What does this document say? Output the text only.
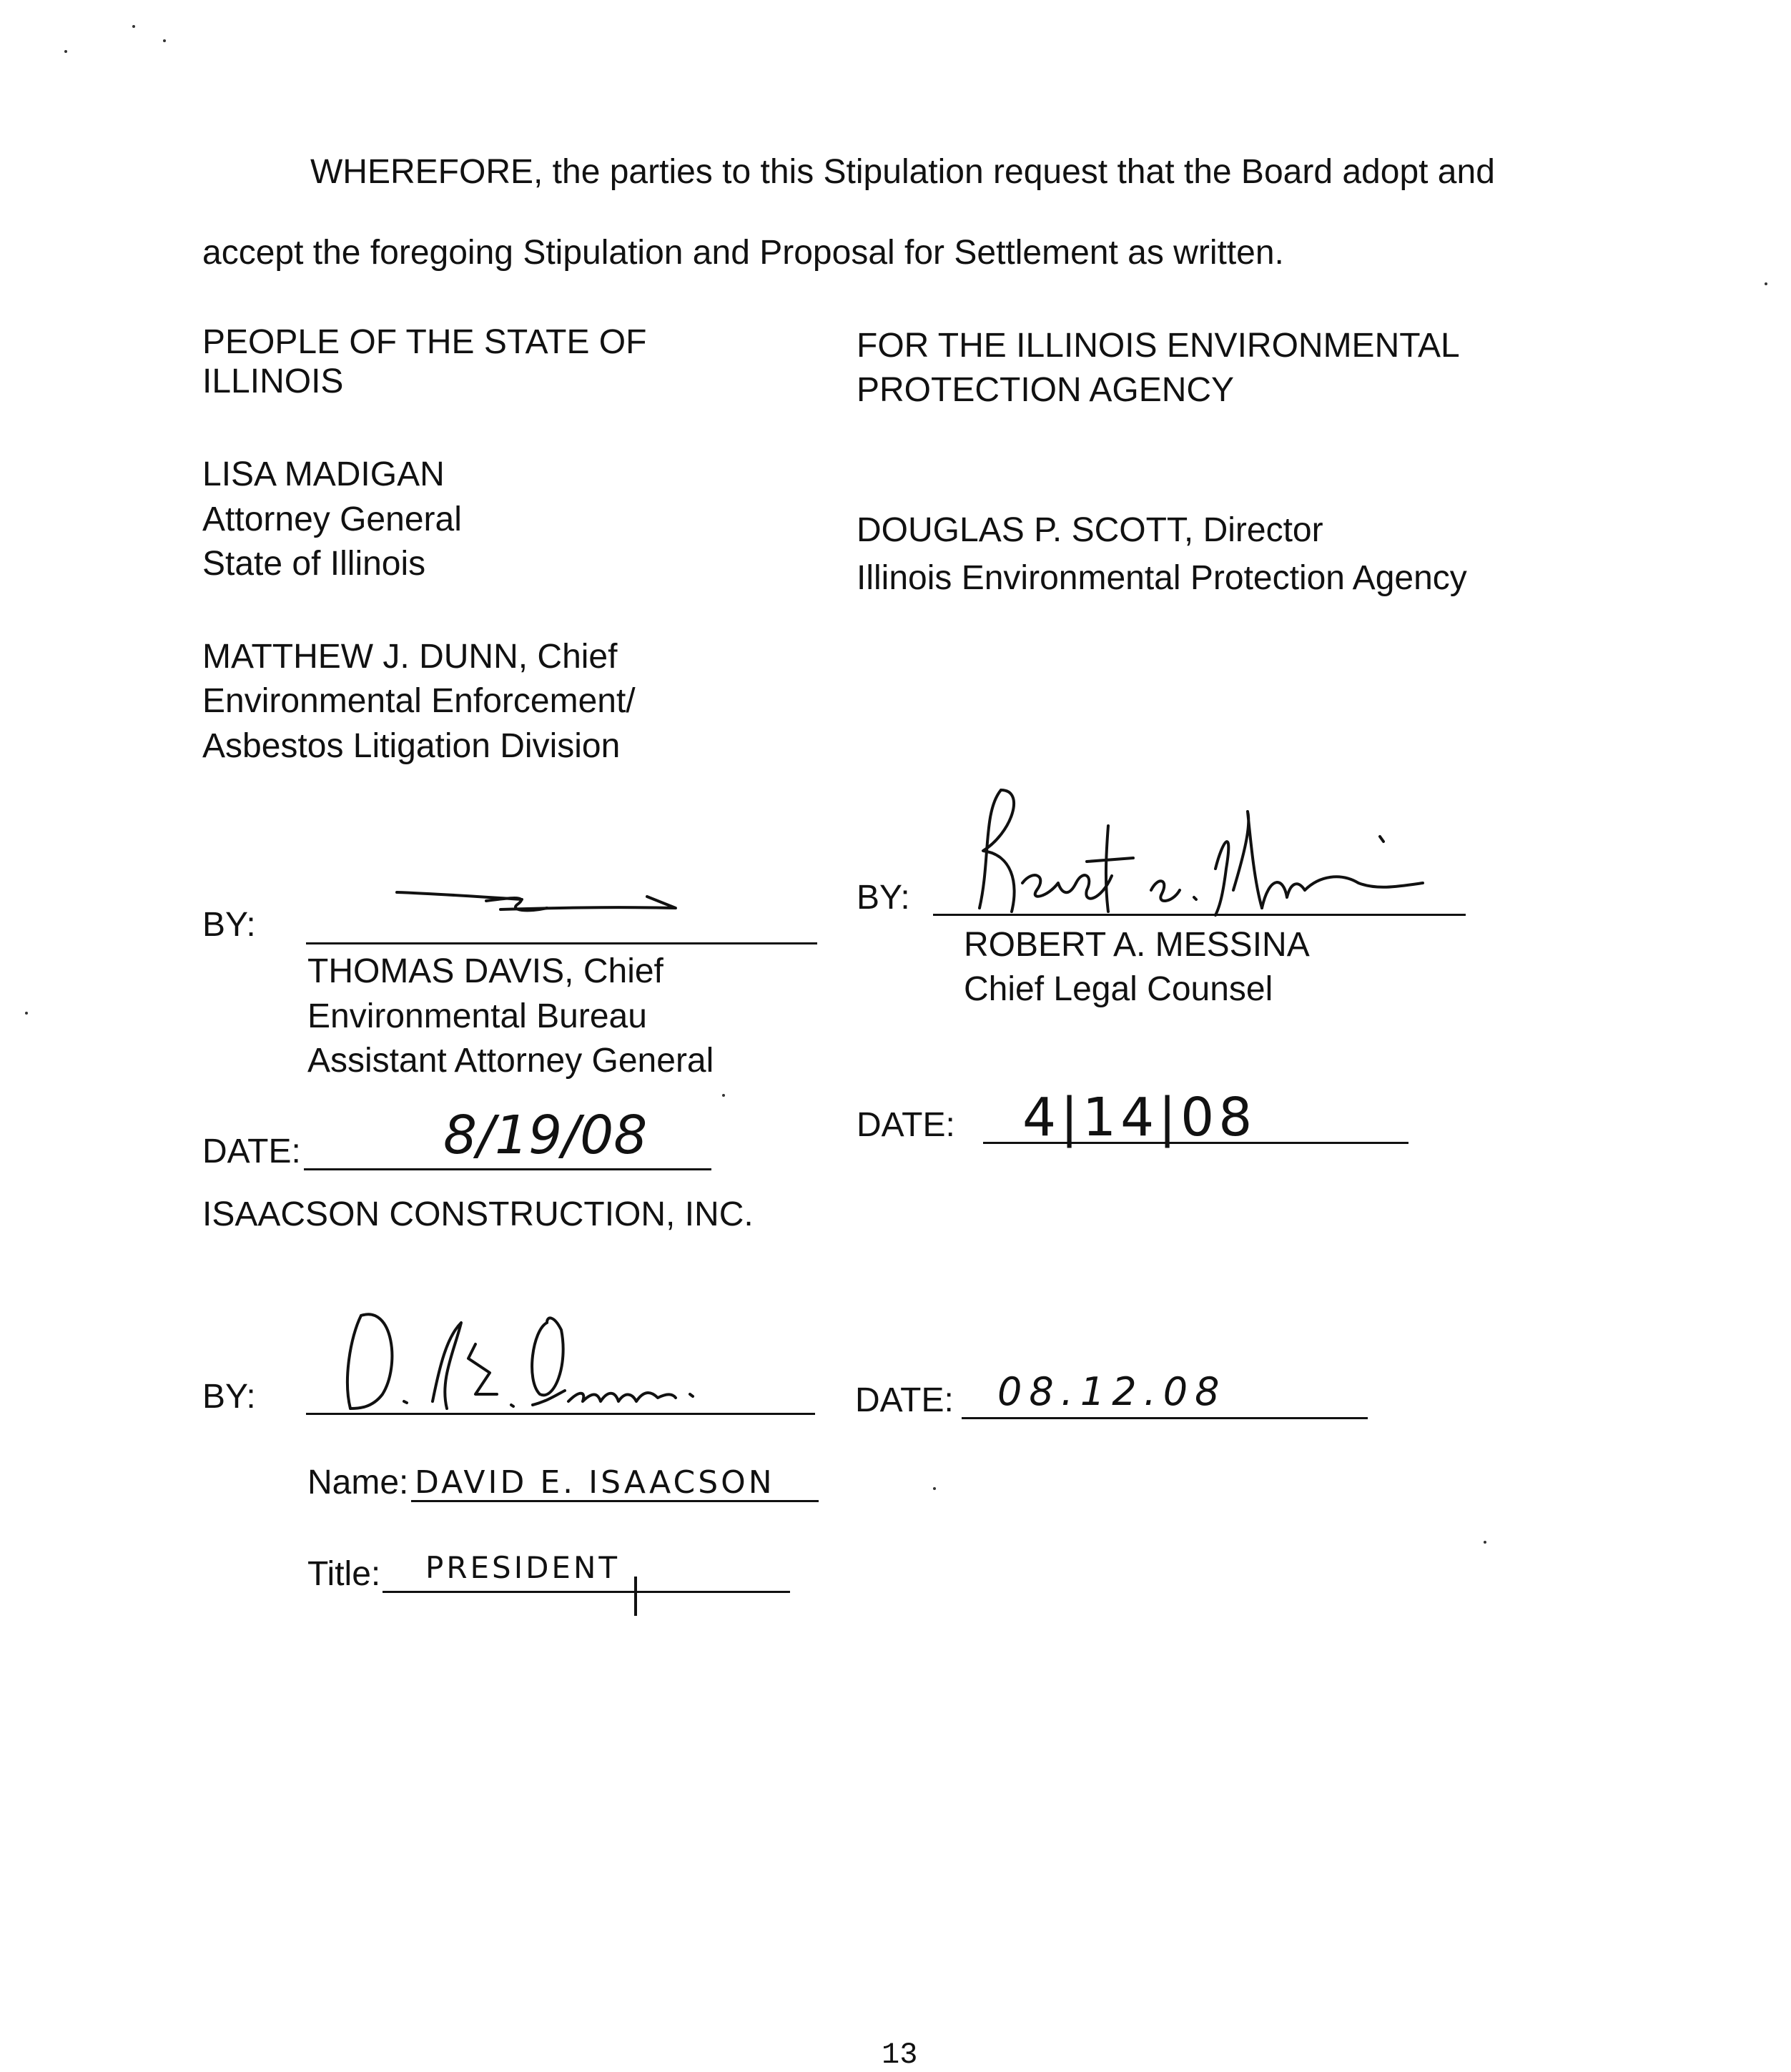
WHEREFORE, the parties to this Stipulation request that the Board adopt and
accept the foregoing Stipulation and Proposal for Settlement as written.
PEOPLE OF THE STATE OF
ILLINOIS
LISA MADIGAN
Attorney General
State of Illinois
MATTHEW J. DUNN, Chief
Environmental Enforcement/
Asbestos Litigation Division
BY:
THOMAS DAVIS, Chief
Environmental Bureau
Assistant Attorney General
DATE:	8/19/08
FOR THE ILLINOIS ENVIRONMENTAL
PROTECTION AGENCY
DOUGLAS P. SCOTT, Director
Illinois Environmental Protection Agency
BY:
ROBERT A. MESSINA
Chief Legal Counsel
DATE: 4|14|08
ISAACSON CONSTRUCTION, INC.
BY:	DATE: 08.12.08
Name: DAVID E. ISAACSON
Title: PRESIDENT
13
